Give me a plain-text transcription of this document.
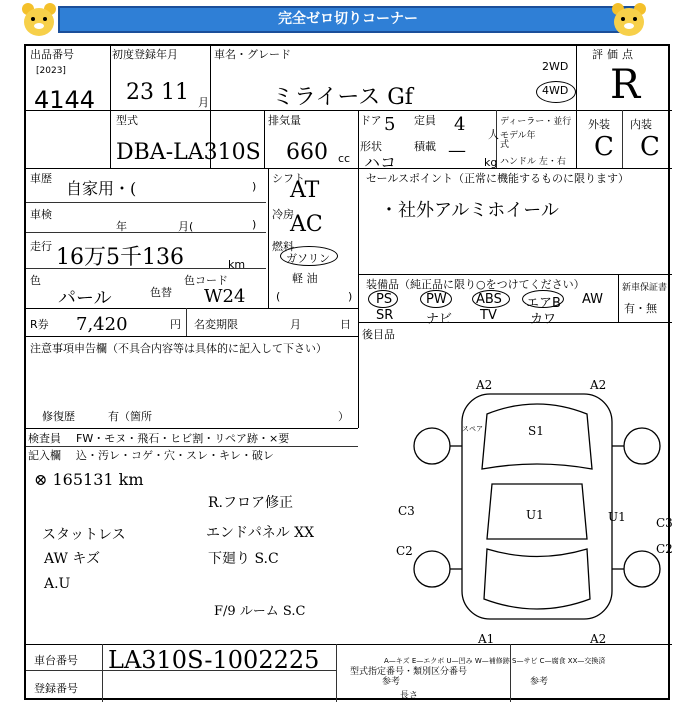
完全ゼロ切りコーナー
出品番号
[2023]
4144
初度登録年月
23 11 月
車名・グレード
ミライース Gf
2WD
4WD
評価点
R
型式
DBA-LA310S
排気量
660 cc
ドア 5 定員 4 人
形状
ハコ
積載 —
kg
ディーラー・並行
モデル年式
ハンドル 左・右
外装 内装
C C
車歴
自家用・(	)
車検
年	月(	)
走行 16万5千136	km
色
パール	色替
色コード
W24
シフト
AT
冷房
AC
燃料
ガソリン
軽 油
(	)
R券 7,420	円 名変期限	月	日
セールスポイント（正常に機能するものに限ります）
・社外アルミホイール
装備品（純正品に限り○をつけてください）
PS	PW ABS エアB AW
SR	ナビ TV	カワ
新車保証書
有・無
後目品
注意事項申告欄（不具合内容等は具体的に記入して下さい）
修復歴	有（箇所	）
検査員 FW・モヌ・飛石・ヒビ割・リペア跡・×要
記入欄 込・汚レ・コゲ・穴・スレ・キレ・破レ
⊗ 165131 km
R.フロア修正
スタットレス	エンドパネル XX
AW キズ	下廻り S.C
A.U
F/9 ルーム S.C
A2	A2
S1
U1
C3	U1	C3
C2	C2
A1	A2
A—キズ E—エクボ U—凹み W—補修跡 S—サビ C—腐食 XX—交換済
スペア
車台番号 LA310S-1002225
登録番号
型式指定番号・類別区分番号
参考	参考
長さ
